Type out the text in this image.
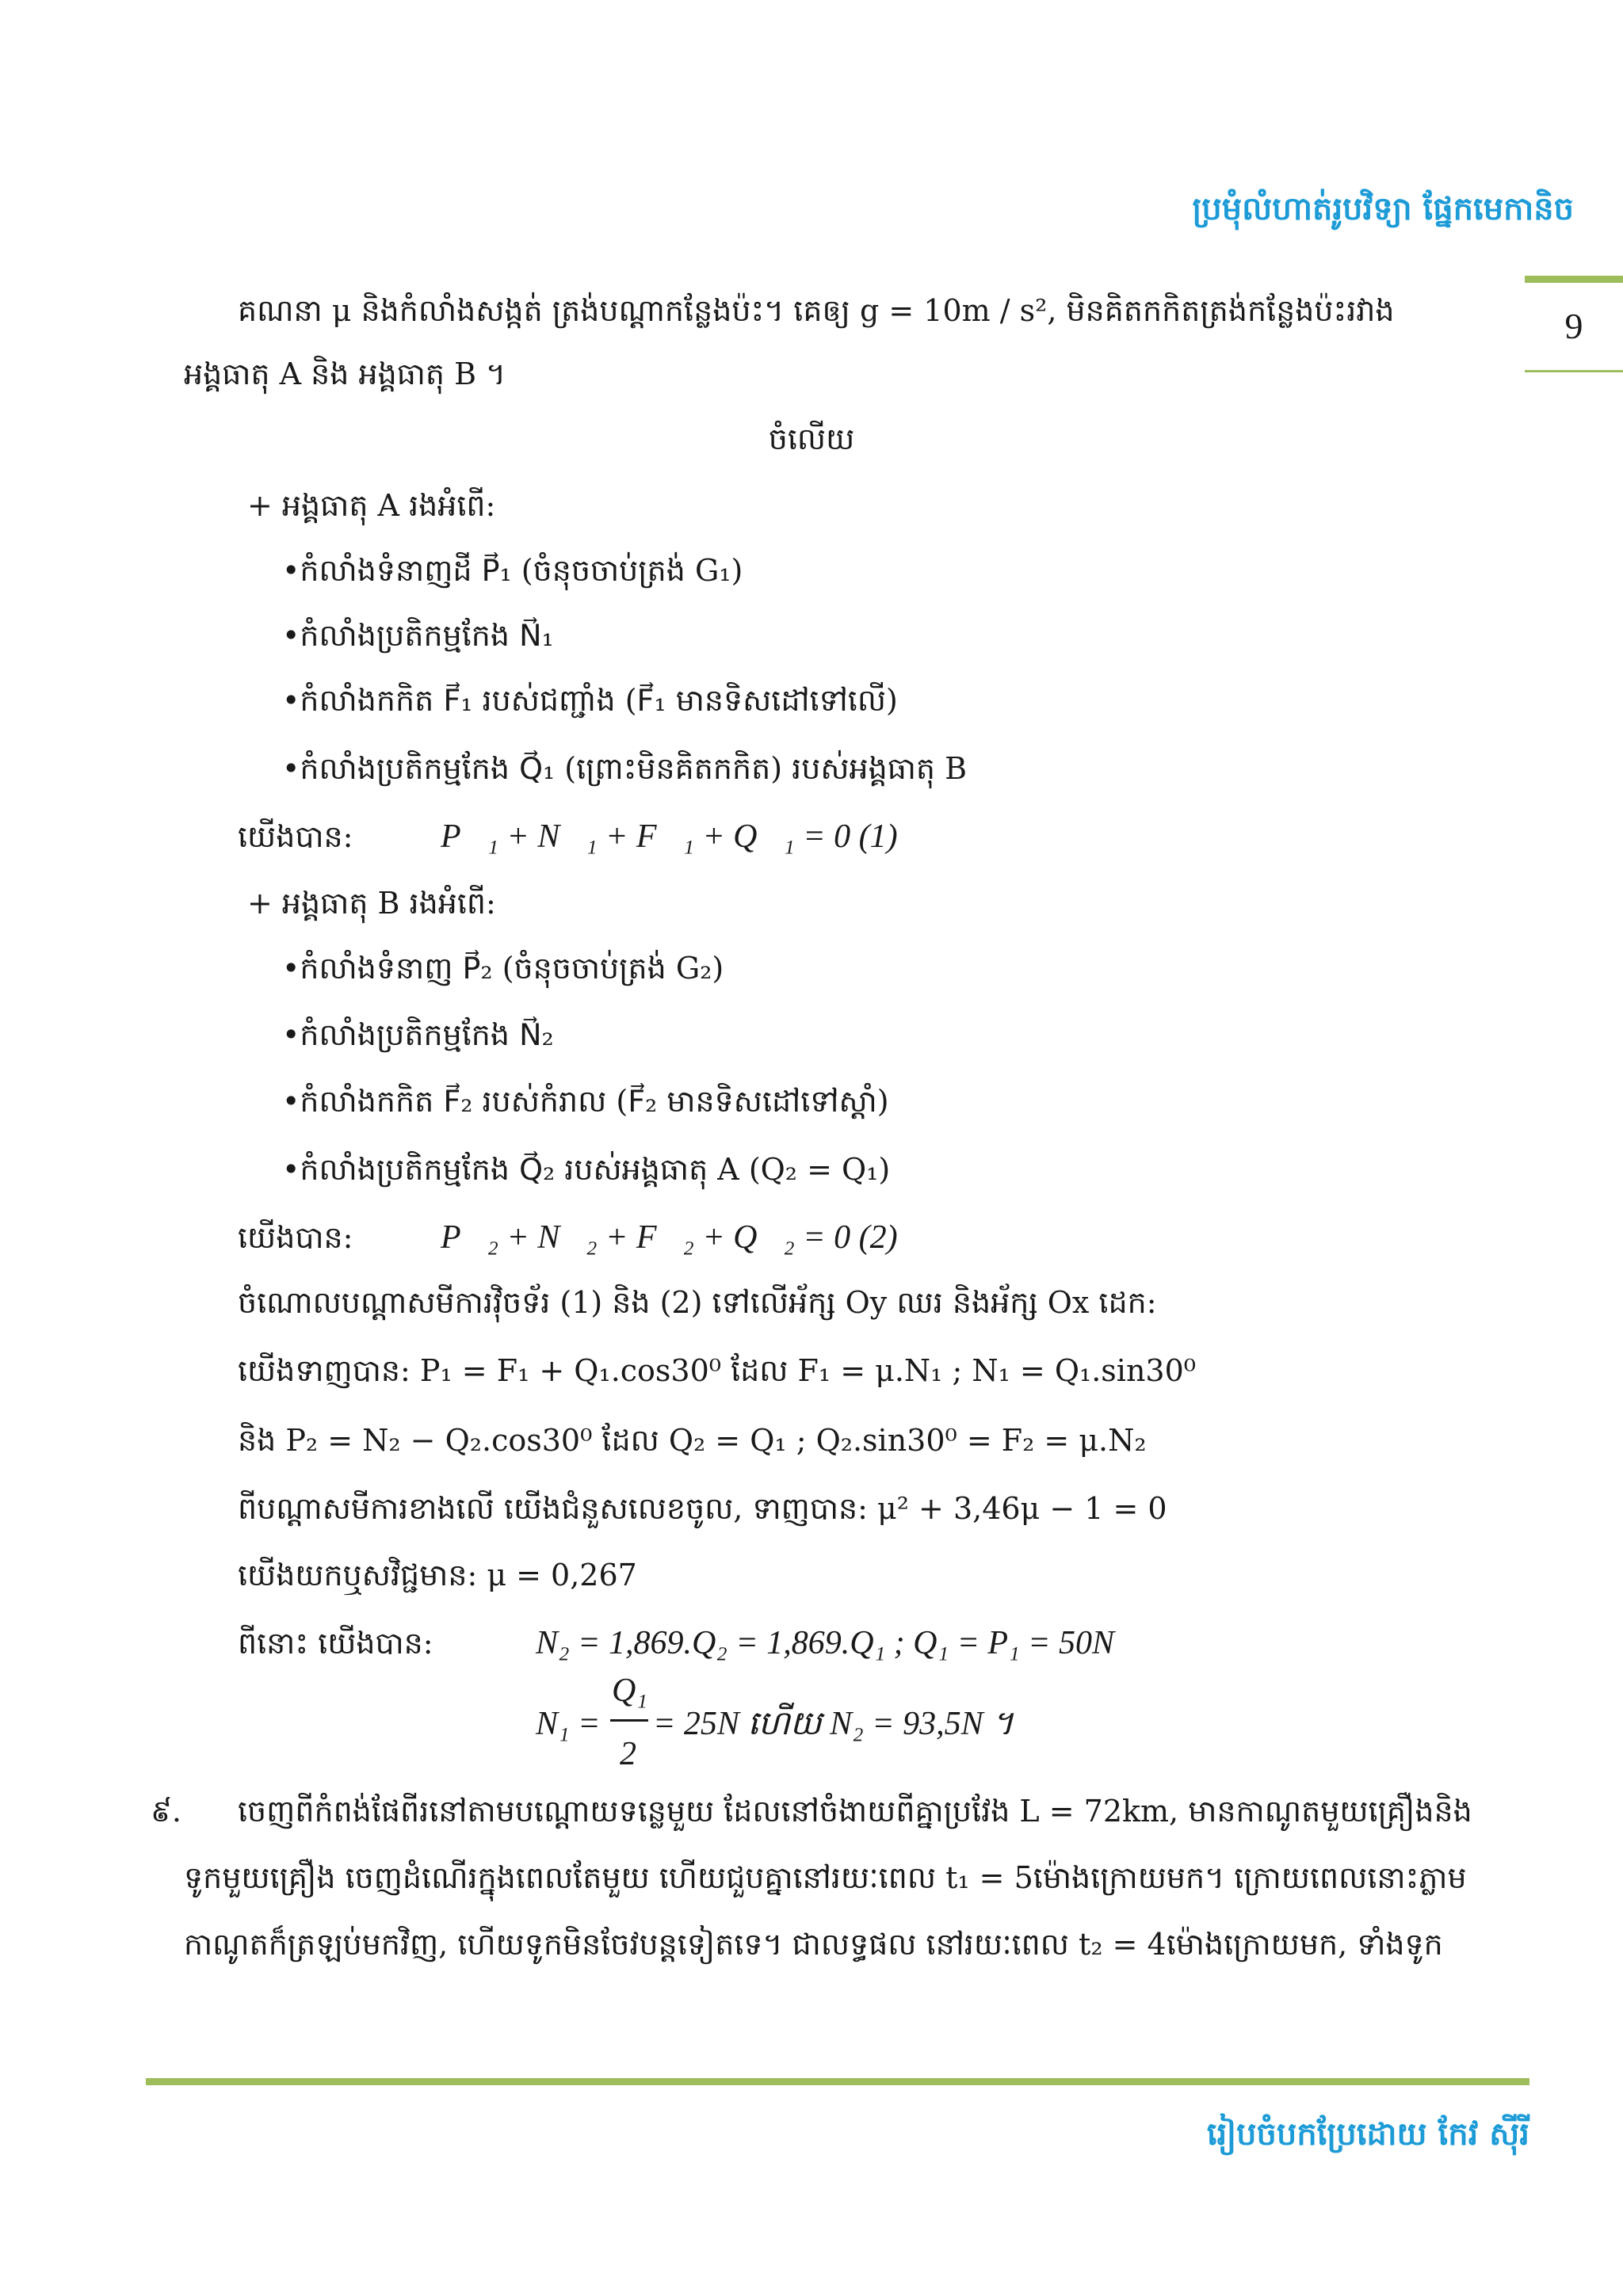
ប្រមុំលំហាត់រូបវិទ្យា ផ្នែកមេកានិច
9
គណនា μ និងកំលាំងសង្កត់ ត្រង់បណ្តាកន្លែងប៉ះ។ គេឲ្យ g = 10m / s², មិនគិតកកិតត្រង់កន្លែងប៉ះរវាង
អង្គធាតុ A និង អង្គធាតុ B ។
ចំលើយ
+ អង្គធាតុ A រងអំពើ:
•កំលាំងទំនាញដី P⃗₁ (ចំនុចចាប់ត្រង់ G₁)
•កំលាំងប្រតិកម្មកែង N⃗₁
•កំលាំងកកិត F⃗₁ របស់ជញ្ជាំង (F⃗₁ មានទិសដៅទៅលើ)
•កំលាំងប្រតិកម្មកែង Q⃗₁ (ព្រោះមិនគិតកកិត) របស់អង្គធាតុ B
យើងបាន:	P⃗₁ + N⃗₁ + F⃗₁ + Q⃗₁ = 0 (1)
+ អង្គធាតុ B រងអំពើ:
•កំលាំងទំនាញ P⃗₂ (ចំនុចចាប់ត្រង់ G₂)
•កំលាំងប្រតិកម្មកែង N⃗₂
•កំលាំងកកិត F⃗₂ របស់កំរាល (F⃗₂ មានទិសដៅទៅស្តាំ)
•កំលាំងប្រតិកម្មកែង Q⃗₂ របស់អង្គធាតុ A (Q₂ = Q₁)
យើងបាន:	P⃗₂ + N⃗₂ + F⃗₂ + Q⃗₂ = 0 (2)
ចំណោលបណ្តាសមីការវ៉ិចទ័រ (1) និង (2) ទៅលើអ័ក្ស Oy ឈរ និងអ័ក្ស Ox ដេក:
យើងទាញបាន: P₁ = F₁ + Q₁.cos30⁰ ដែល F₁ = μ.N₁ ; N₁ = Q₁.sin30⁰
និង P₂ = N₂ − Q₂.cos30⁰ ដែល Q₂ = Q₁ ; Q₂.sin30⁰ = F₂ = μ.N₂
ពីបណ្តាសមីការខាងលើ យើងជំនួសលេខចូល, ទាញបាន: μ² + 3,46μ − 1 = 0
យើងយកឬសវិជ្ជមាន: μ = 0,267
ពីនោះ យើងបាន:	N₂ = 1,869.Q₂ = 1,869.Q₁ ; Q₁ = P₁ = 50N
N₁ =
Q₁
2
= 25N ហើយ N₂ = 93,5N ។
៩. ចេញពីកំពង់ផែពីរនៅតាមបណ្តោយទន្លេមួយ ដែលនៅចំងាយពីគ្នាប្រវែង L = 72km, មានកាណូតមួយគ្រឿងនិង
ទូកមួយគ្រឿង ចេញដំណើរក្នុងពេលតែមួយ ហើយជួបគ្នានៅរយៈពេល t₁ = 5ម៉ោងក្រោយមក។ ក្រោយពេលនោះភ្លាម
កាណូតក៏ត្រឡប់មកវិញ, ហើយទូកមិនចែវបន្តទៀតទេ។ ជាលទ្ធផល នៅរយៈពេល t₂ = 4ម៉ោងក្រោយមក, ទាំងទូក
រៀបចំបកប្រែដោយ កែវ ស៊ីរី
